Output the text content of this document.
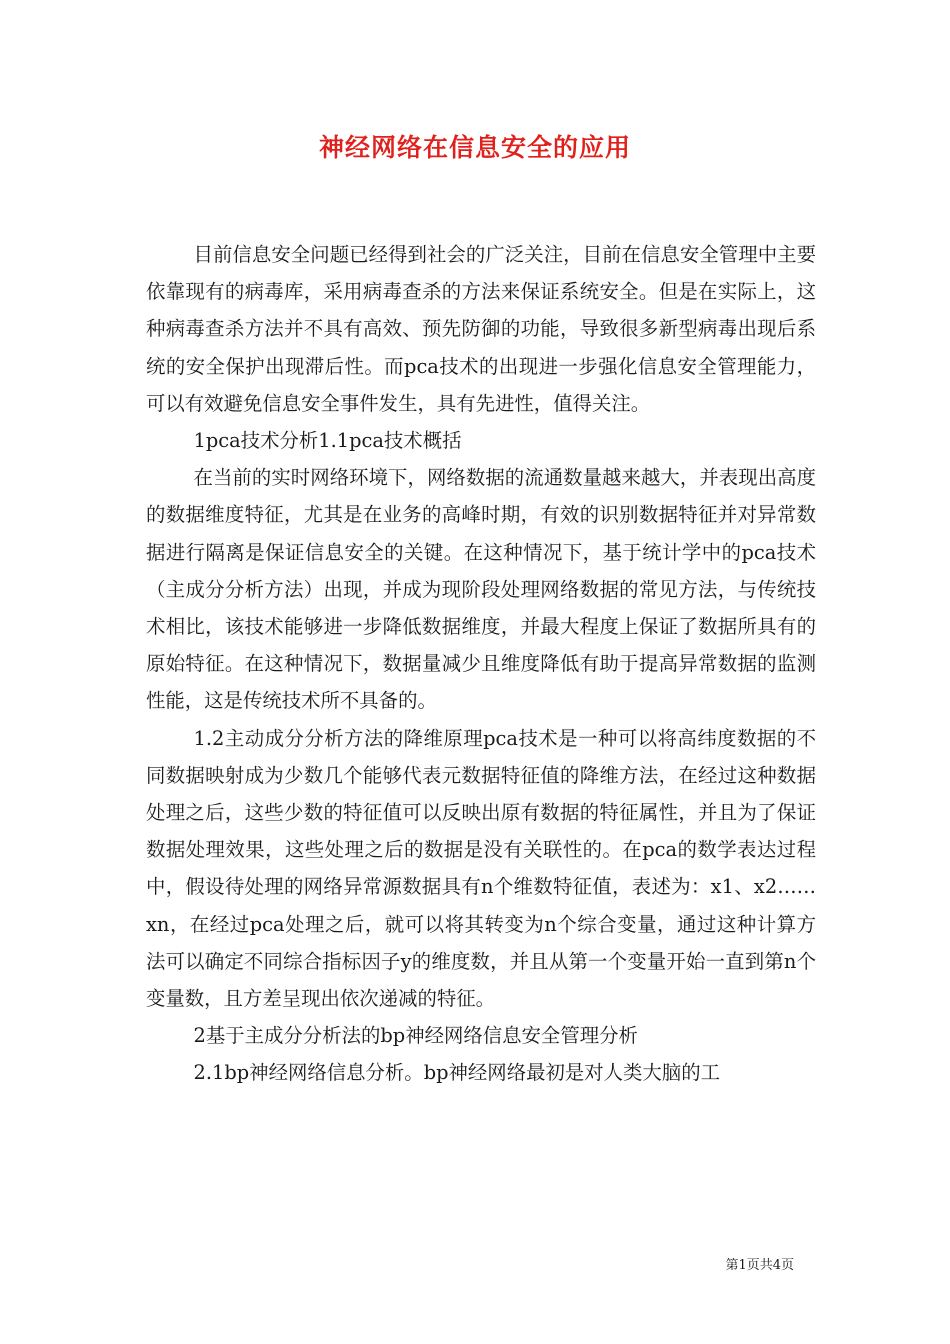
神经网络在信息安全的应用

目前信息安全问题已经得到社会的广泛关注，目前在信息安全管理中主要依靠现有的病毒库，采用病毒查杀的方法来保证系统安全。但是在实际上，这种病毒查杀方法并不具有高效、预先防御的功能，导致很多新型病毒出现后系统的安全保护出现滞后性。而pca技术的出现进一步强化信息安全管理能力，可以有效避免信息安全事件发生，具有先进性，值得关注。

1pca技术分析1.1pca技术概括

在当前的实时网络环境下，网络数据的流通数量越来越大，并表现出高度的数据维度特征，尤其是在业务的高峰时期，有效的识别数据特征并对异常数据进行隔离是保证信息安全的关键。在这种情况下，基于统计学中的pca技术（主成分分析方法）出现，并成为现阶段处理网络数据的常见方法，与传统技术相比，该技术能够进一步降低数据维度，并最大程度上保证了数据所具有的原始特征。在这种情况下，数据量减少且维度降低有助于提高异常数据的监测性能，这是传统技术所不具备的。

1.2主动成分分析方法的降维原理pca技术是一种可以将高纬度数据的不同数据映射成为少数几个能够代表元数据特征值的降维方法，在经过这种数据处理之后，这些少数的特征值可以反映出原有数据的特征属性，并且为了保证数据处理效果，这些处理之后的数据是没有关联性的。在pca的数学表达过程中，假设待处理的网络异常源数据具有n个维数特征值，表述为：x1、x2……xn，在经过pca处理之后，就可以将其转变为n个综合变量，通过这种计算方法可以确定不同综合指标因子y的维度数，并且从第一个变量开始一直到第n个变量数，且方差呈现出依次递减的特征。

2基于主成分分析法的bp神经网络信息安全管理分析

2.1bp神经网络信息分析。bp神经网络最初是对人类大脑的工

第1页共4页
